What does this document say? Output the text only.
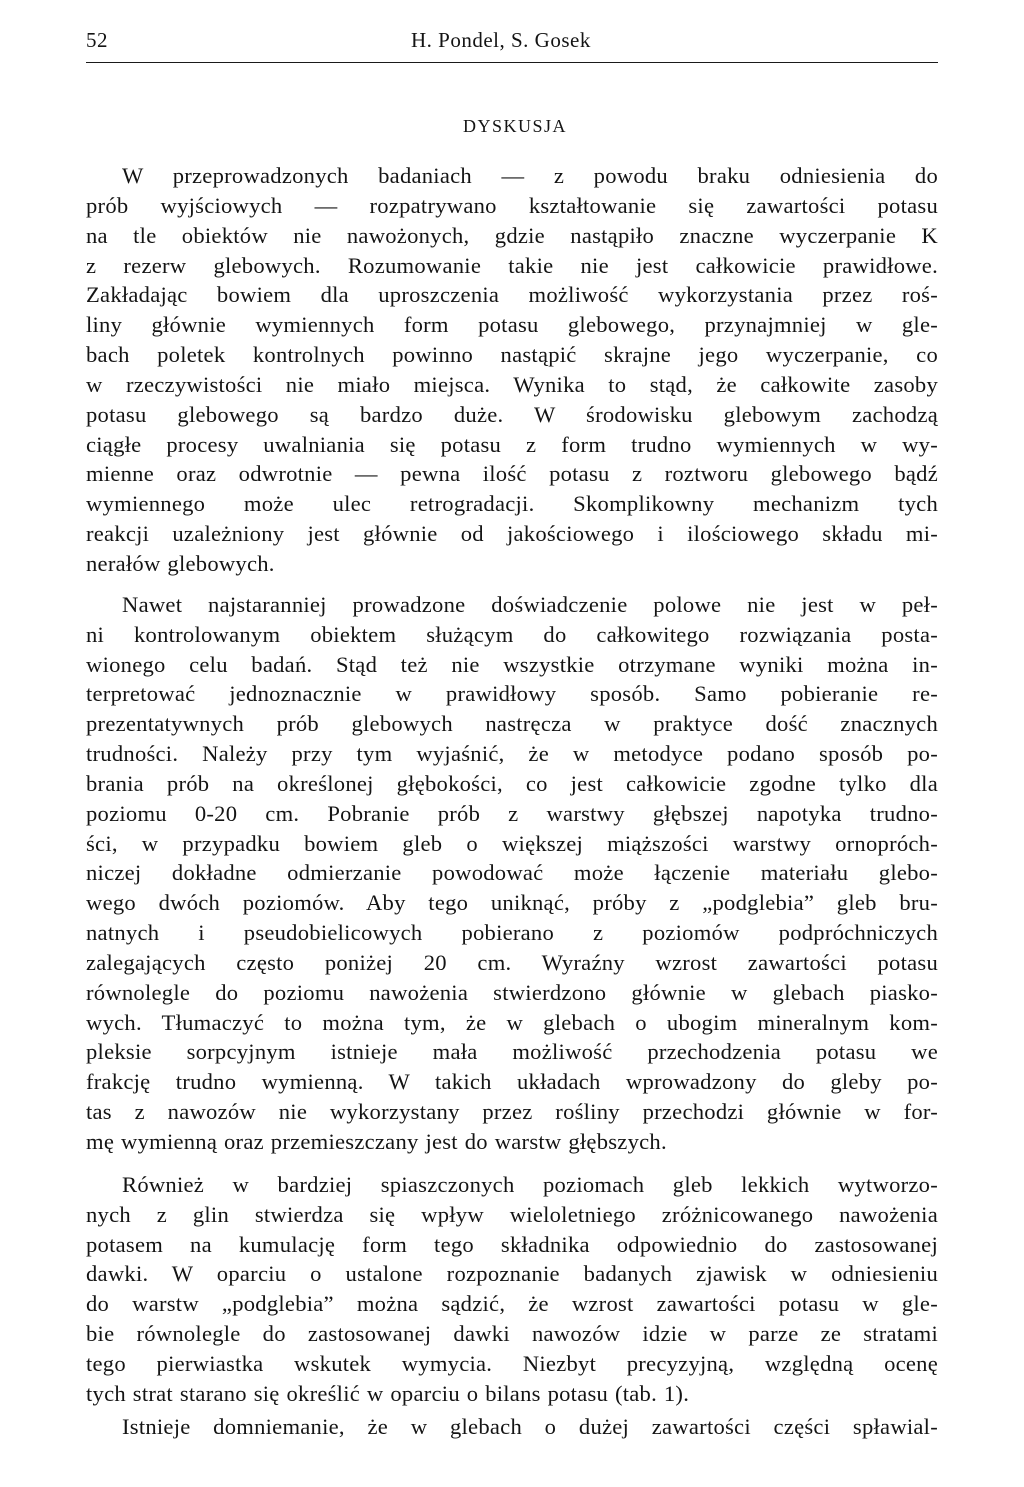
52	H. Pondel, S. Gosek
DYSKUSJA

W przeprowadzonych badaniach — z powodu braku odniesienia do
prób wyjściowych — rozpatrywano kształtowanie się zawartości potasu
na tle obiektów nie nawożonych, gdzie nastąpiło znaczne wyczerpanie K
z rezerw glebowych. Rozumowanie takie nie jest całkowicie prawidłowe.
Zakładając bowiem dla uproszczenia możliwość wykorzystania przez roś-
liny głównie wymiennych form potasu glebowego, przynajmniej w gle-
bach poletek kontrolnych powinno nastąpić skrajne jego wyczerpanie, co
w rzeczywistości nie miało miejsca. Wynika to stąd, że całkowite zasoby
potasu glebowego są bardzo duże. W środowisku glebowym zachodzą
ciągłe procesy uwalniania się potasu z form trudno wymiennych w wy-
mienne oraz odwrotnie — pewna ilość potasu z roztworu glebowego bądź
wymiennego może ulec retrogradacji. Skomplikowny mechanizm tych
reakcji uzależniony jest głównie od jakościowego i ilościowego składu mi-
nerałów glebowych.

Nawet najstaranniej prowadzone doświadczenie polowe nie jest w peł-
ni kontrolowanym obiektem służącym do całkowitego rozwiązania posta-
wionego celu badań. Stąd też nie wszystkie otrzymane wyniki można in-
terpretować jednoznacznie w prawidłowy sposób. Samo pobieranie re-
prezentatywnych prób glebowych nastręcza w praktyce dość znacznych
trudności. Należy przy tym wyjaśnić, że w metodyce podano sposób po-
brania prób na określonej głębokości, co jest całkowicie zgodne tylko dla
poziomu 0-20 cm. Pobranie prób z warstwy głębszej napotyka trudno-
ści, w przypadku bowiem gleb o większej miąższości warstwy ornopróch-
niczej dokładne odmierzanie powodować może łączenie materiału glebo-
wego dwóch poziomów. Aby tego uniknąć, próby z „podglebia” gleb bru-
natnych i pseudobielicowych pobierano z poziomów podpróchniczych
zalegających często poniżej 20 cm. Wyraźny wzrost zawartości potasu
równolegle do poziomu nawożenia stwierdzono głównie w glebach piasko-
wych. Tłumaczyć to można tym, że w glebach o ubogim mineralnym kom-
pleksie sorpcyjnym istnieje mała możliwość przechodzenia potasu we
frakcję trudno wymienną. W takich układach wprowadzony do gleby po-
tas z nawozów nie wykorzystany przez rośliny przechodzi głównie w for-
mę wymienną oraz przemieszczany jest do warstw głębszych.

Również w bardziej spiaszczonych poziomach gleb lekkich wytworzo-
nych z glin stwierdza się wpływ wieloletniego zróżnicowanego nawożenia
potasem na kumulację form tego składnika odpowiednio do zastosowanej
dawki. W oparciu o ustalone rozpoznanie badanych zjawisk w odniesieniu
do warstw „podglebia” można sądzić, że wzrost zawartości potasu w gle-
bie równolegle do zastosowanej dawki nawozów idzie w parze ze stratami
tego pierwiastka wskutek wymycia. Niezbyt precyzyjną, względną ocenę
tych strat starano się określić w oparciu o bilans potasu (tab. 1).

Istnieje domniemanie, że w glebach o dużej zawartości części spławial-
